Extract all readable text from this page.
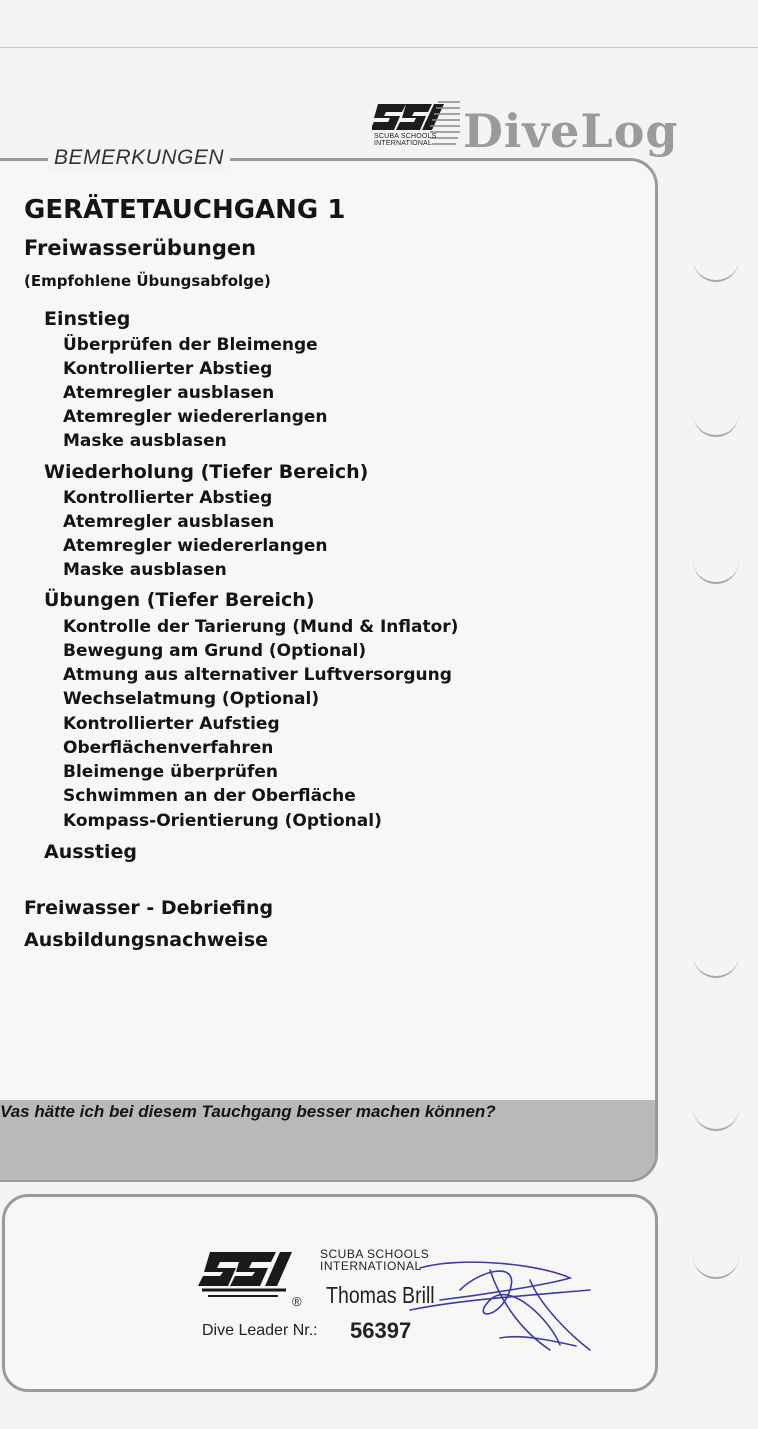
SCUBA SCHOOLS
INTERNATIONAL DiveLog
BEMERKUNGEN
GERÄTETAUCHGANG 1
Freiwasserübungen
(Empfohlene Übungsabfolge)
Einstieg
Überprüfen der Bleimenge
Kontrollierter Abstieg
Atemregler ausblasen
Atemregler wiedererlangen
Maske ausblasen
Wiederholung (Tiefer Bereich)
Kontrollierter Abstieg
Atemregler ausblasen
Atemregler wiedererlangen
Maske ausblasen
Übungen (Tiefer Bereich)
Kontrolle der Tarierung (Mund & Inflator)
Bewegung am Grund (Optional)
Atmung aus alternativer Luftversorgung
Wechselatmung (Optional)
Kontrollierter Aufstieg
Oberflächenverfahren
Bleimenge überprüfen
Schwimmen an der Oberfläche
Kompass-Orientierung (Optional)
Ausstieg
Freiwasser - Debriefing
Ausbildungsnachweise
Vas hätte ich bei diesem Tauchgang besser machen können?
®
SCUBA SCHOOLS
INTERNATIONAL
Thomas Brill
Dive Leader Nr.: 56397
